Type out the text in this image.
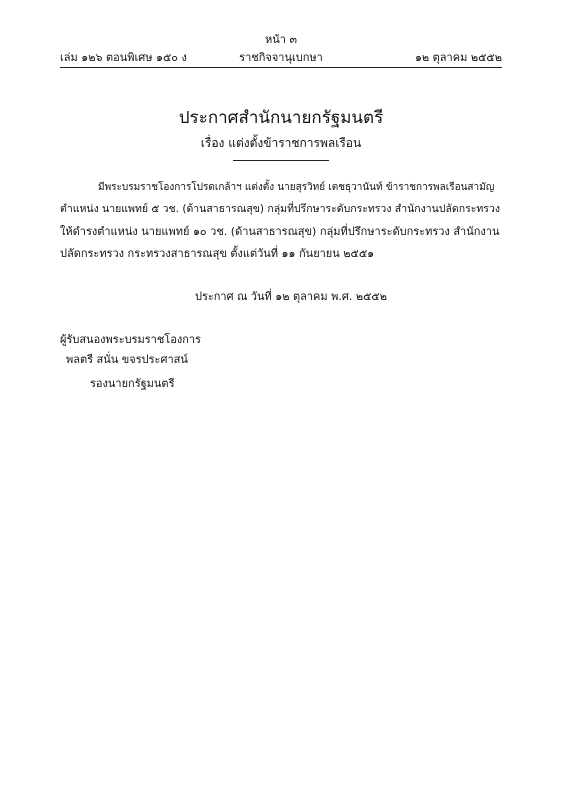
หน้า ๓
เล่ม ๑๒๖ ตอนพิเศษ ๑๕๐ ง	ราชกิจจานุเบกษา	๑๒ ตุลาคม ๒๕๕๒
ประกาศสำนักนายกรัฐมนตรี
เรื่อง แต่งตั้งข้าราชการพลเรือน
มีพระบรมราชโองการโปรดเกล้าฯ แต่งตั้ง นายสุรวิทย์ เตชธุวานันท์ ข้าราชการพลเรือนสามัญ
ตำแหน่ง นายแพทย์ ๕ วช. (ด้านสาธารณสุข) กลุ่มที่ปรึกษาระดับกระทรวง สำนักงานปลัดกระทรวง
ให้ดำรงตำแหน่ง นายแพทย์ ๑๐ วช. (ด้านสาธารณสุข) กลุ่มที่ปรึกษาระดับกระทรวง สำนักงาน
ปลัดกระทรวง กระทรวงสาธารณสุข ตั้งแต่วันที่ ๑๑ กันยายน ๒๕๕๑
ประกาศ ณ วันที่ ๑๒ ตุลาคม พ.ศ. ๒๕๕๒
ผู้รับสนองพระบรมราชโองการ
พลตรี สนั่น ขจรประศาสน์
รองนายกรัฐมนตรี
